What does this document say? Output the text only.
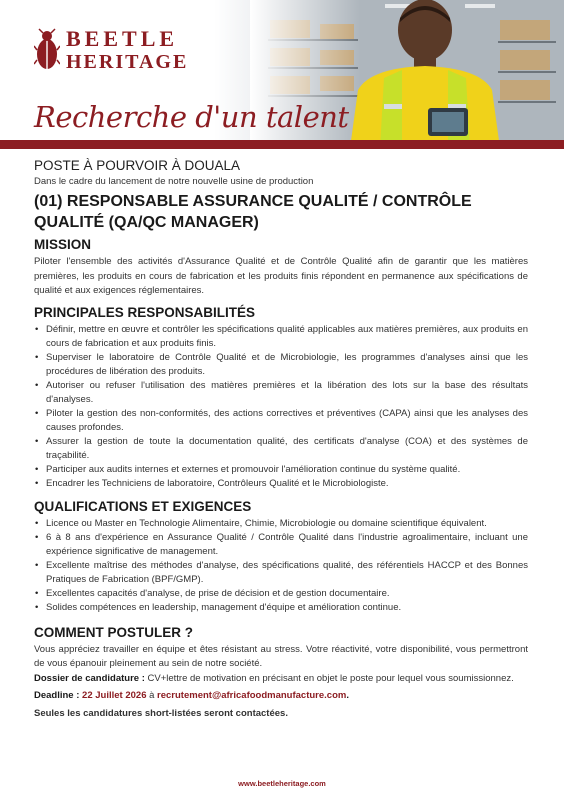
BEETLE
HERITAGE
Recherche d'un talent
POSTE À POURVOIR À DOUALA
Dans le cadre du lancement de notre nouvelle usine de production
(01) RESPONSABLE ASSURANCE QUALITÉ / CONTRÔLE QUALITÉ (QA/QC MANAGER)
MISSION
Piloter l'ensemble des activités d'Assurance Qualité et de Contrôle Qualité afin de garantir que les matières premières, les produits en cours de fabrication et les produits finis répondent en permanence aux spécifications de qualité et aux exigences réglementaires.
PRINCIPALES RESPONSABILITÉS
• Définir, mettre en œuvre et contrôler les spécifications qualité applicables aux matières premières, aux produits en cours de fabrication et aux produits finis.
• Superviser le laboratoire de Contrôle Qualité et de Microbiologie, les programmes d'analyses ainsi que les procédures de libération des produits.
• Autoriser ou refuser l'utilisation des matières premières et la libération des lots sur la base des résultats d'analyses.
• Piloter la gestion des non-conformités, des actions correctives et préventives (CAPA) ainsi que les analyses des causes profondes.
• Assurer la gestion de toute la documentation qualité, des certificats d'analyse (COA) et des systèmes de traçabilité.
• Participer aux audits internes et externes et promouvoir l'amélioration continue du système qualité.
• Encadrer les Techniciens de laboratoire, Contrôleurs Qualité et le Microbiologiste.
QUALIFICATIONS ET EXIGENCES
• Licence ou Master en Technologie Alimentaire, Chimie, Microbiologie ou domaine scientifique équivalent.
• 6 à 8 ans d'expérience en Assurance Qualité / Contrôle Qualité dans l'industrie agroalimentaire, incluant une expérience significative de management.
• Excellente maîtrise des méthodes d'analyse, des spécifications qualité, des référentiels HACCP et des Bonnes Pratiques de Fabrication (BPF/GMP).
• Excellentes capacités d'analyse, de prise de décision et de gestion documentaire.
• Solides compétences en leadership, management d'équipe et amélioration continue.
COMMENT POSTULER ?
Vous appréciez travailler en équipe et êtes résistant au stress. Votre réactivité, votre disponibilité, vous permettront de vous épanouir pleinement au sein de notre société.
Dossier de candidature : CV+lettre de motivation en précisant en objet le poste pour lequel vous soumissionnez.
Deadline : 22 Juillet 2026 à recrutement@africafoodmanufacture.com.
Seules les candidatures short-listées seront contactées.
www.beetleheritage.com
